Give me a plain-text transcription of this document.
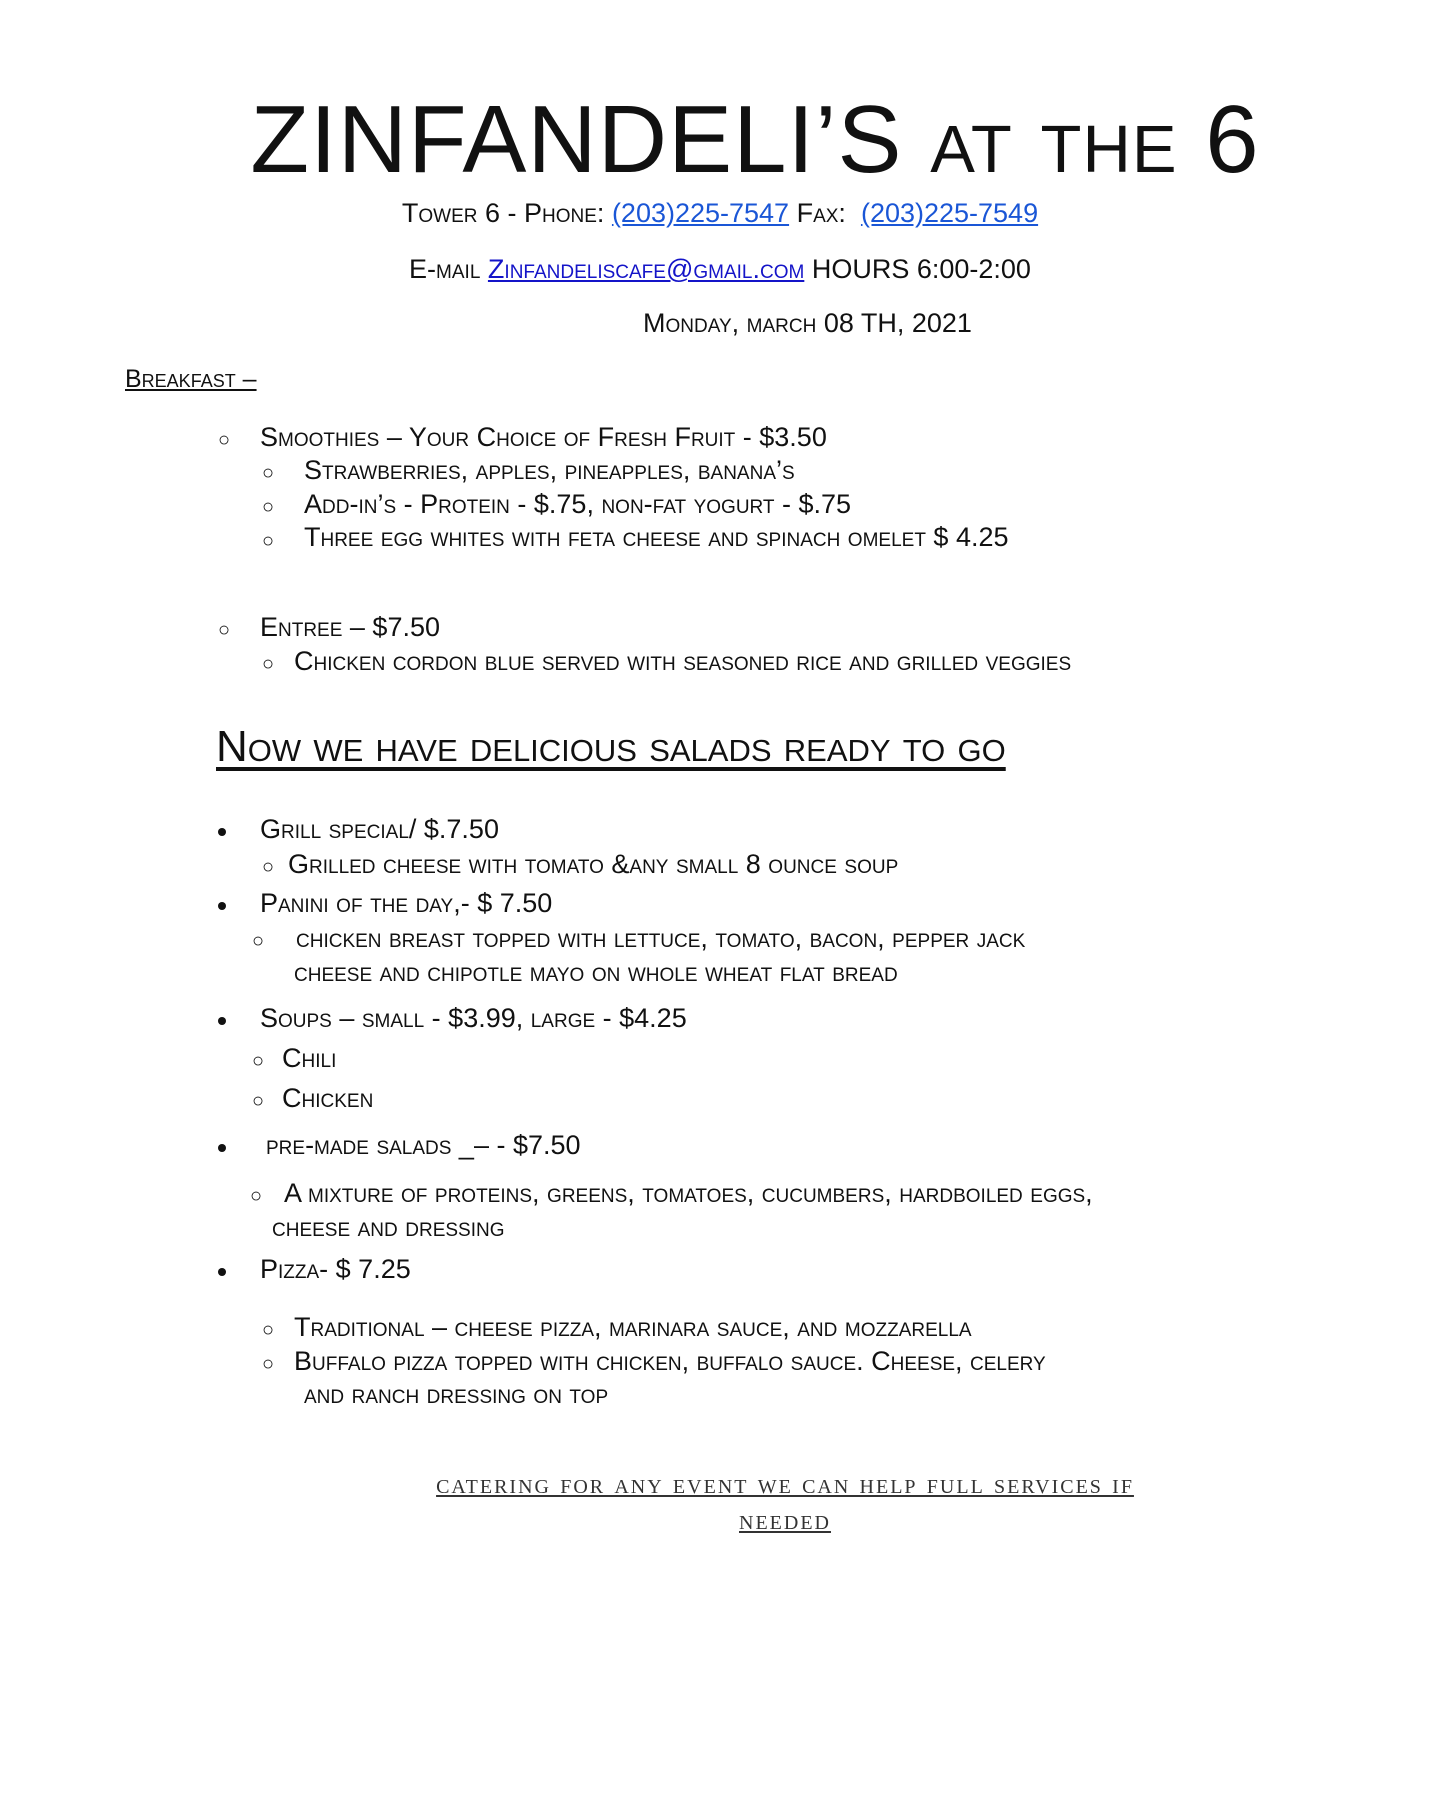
ZINFANDELI’S at the 6
Tower 6 - Phone: (203)225-7547 Fax: (203)225-7549
E-mail Zinfandeliscafe@gmail.com HOURS 6:00-2:00
Monday, march 08 TH, 2021
Breakfast –
○ Smoothies – Your Choice of Fresh Fruit - $3.50
○ Strawberries, apples, pineapples, banana’s
○ Add-in’s - Protein - $.75, non-fat yogurt - $.75
○ Three egg whites with feta cheese and spinach omelet $ 4.25
○ Entree – $7.50
○ Chicken cordon blue served with seasoned rice and grilled veggies
Now we have delicious salads ready to go
Grill special/ $.7.50
○ Grilled cheese with tomato &any small 8 ounce soup
Panini of the day,- $ 7.50
○ chicken breast topped with lettuce, tomato, bacon, pepper jack
cheese and chipotle mayo on whole wheat flat bread
Soups – small - $3.99, large - $4.25
○ Chili
○ Chicken
pre-made salads _– - $7.50
○ A mixture of proteins, greens, tomatoes, cucumbers, hardboiled eggs,
cheese and dressing
Pizza- $ 7.25
○ Traditional – cheese pizza, marinara sauce, and mozzarella
○ Buffalo pizza topped with chicken, buffalo sauce. Cheese, celery
and ranch dressing on top
catering for any event we can help full services if
needed
